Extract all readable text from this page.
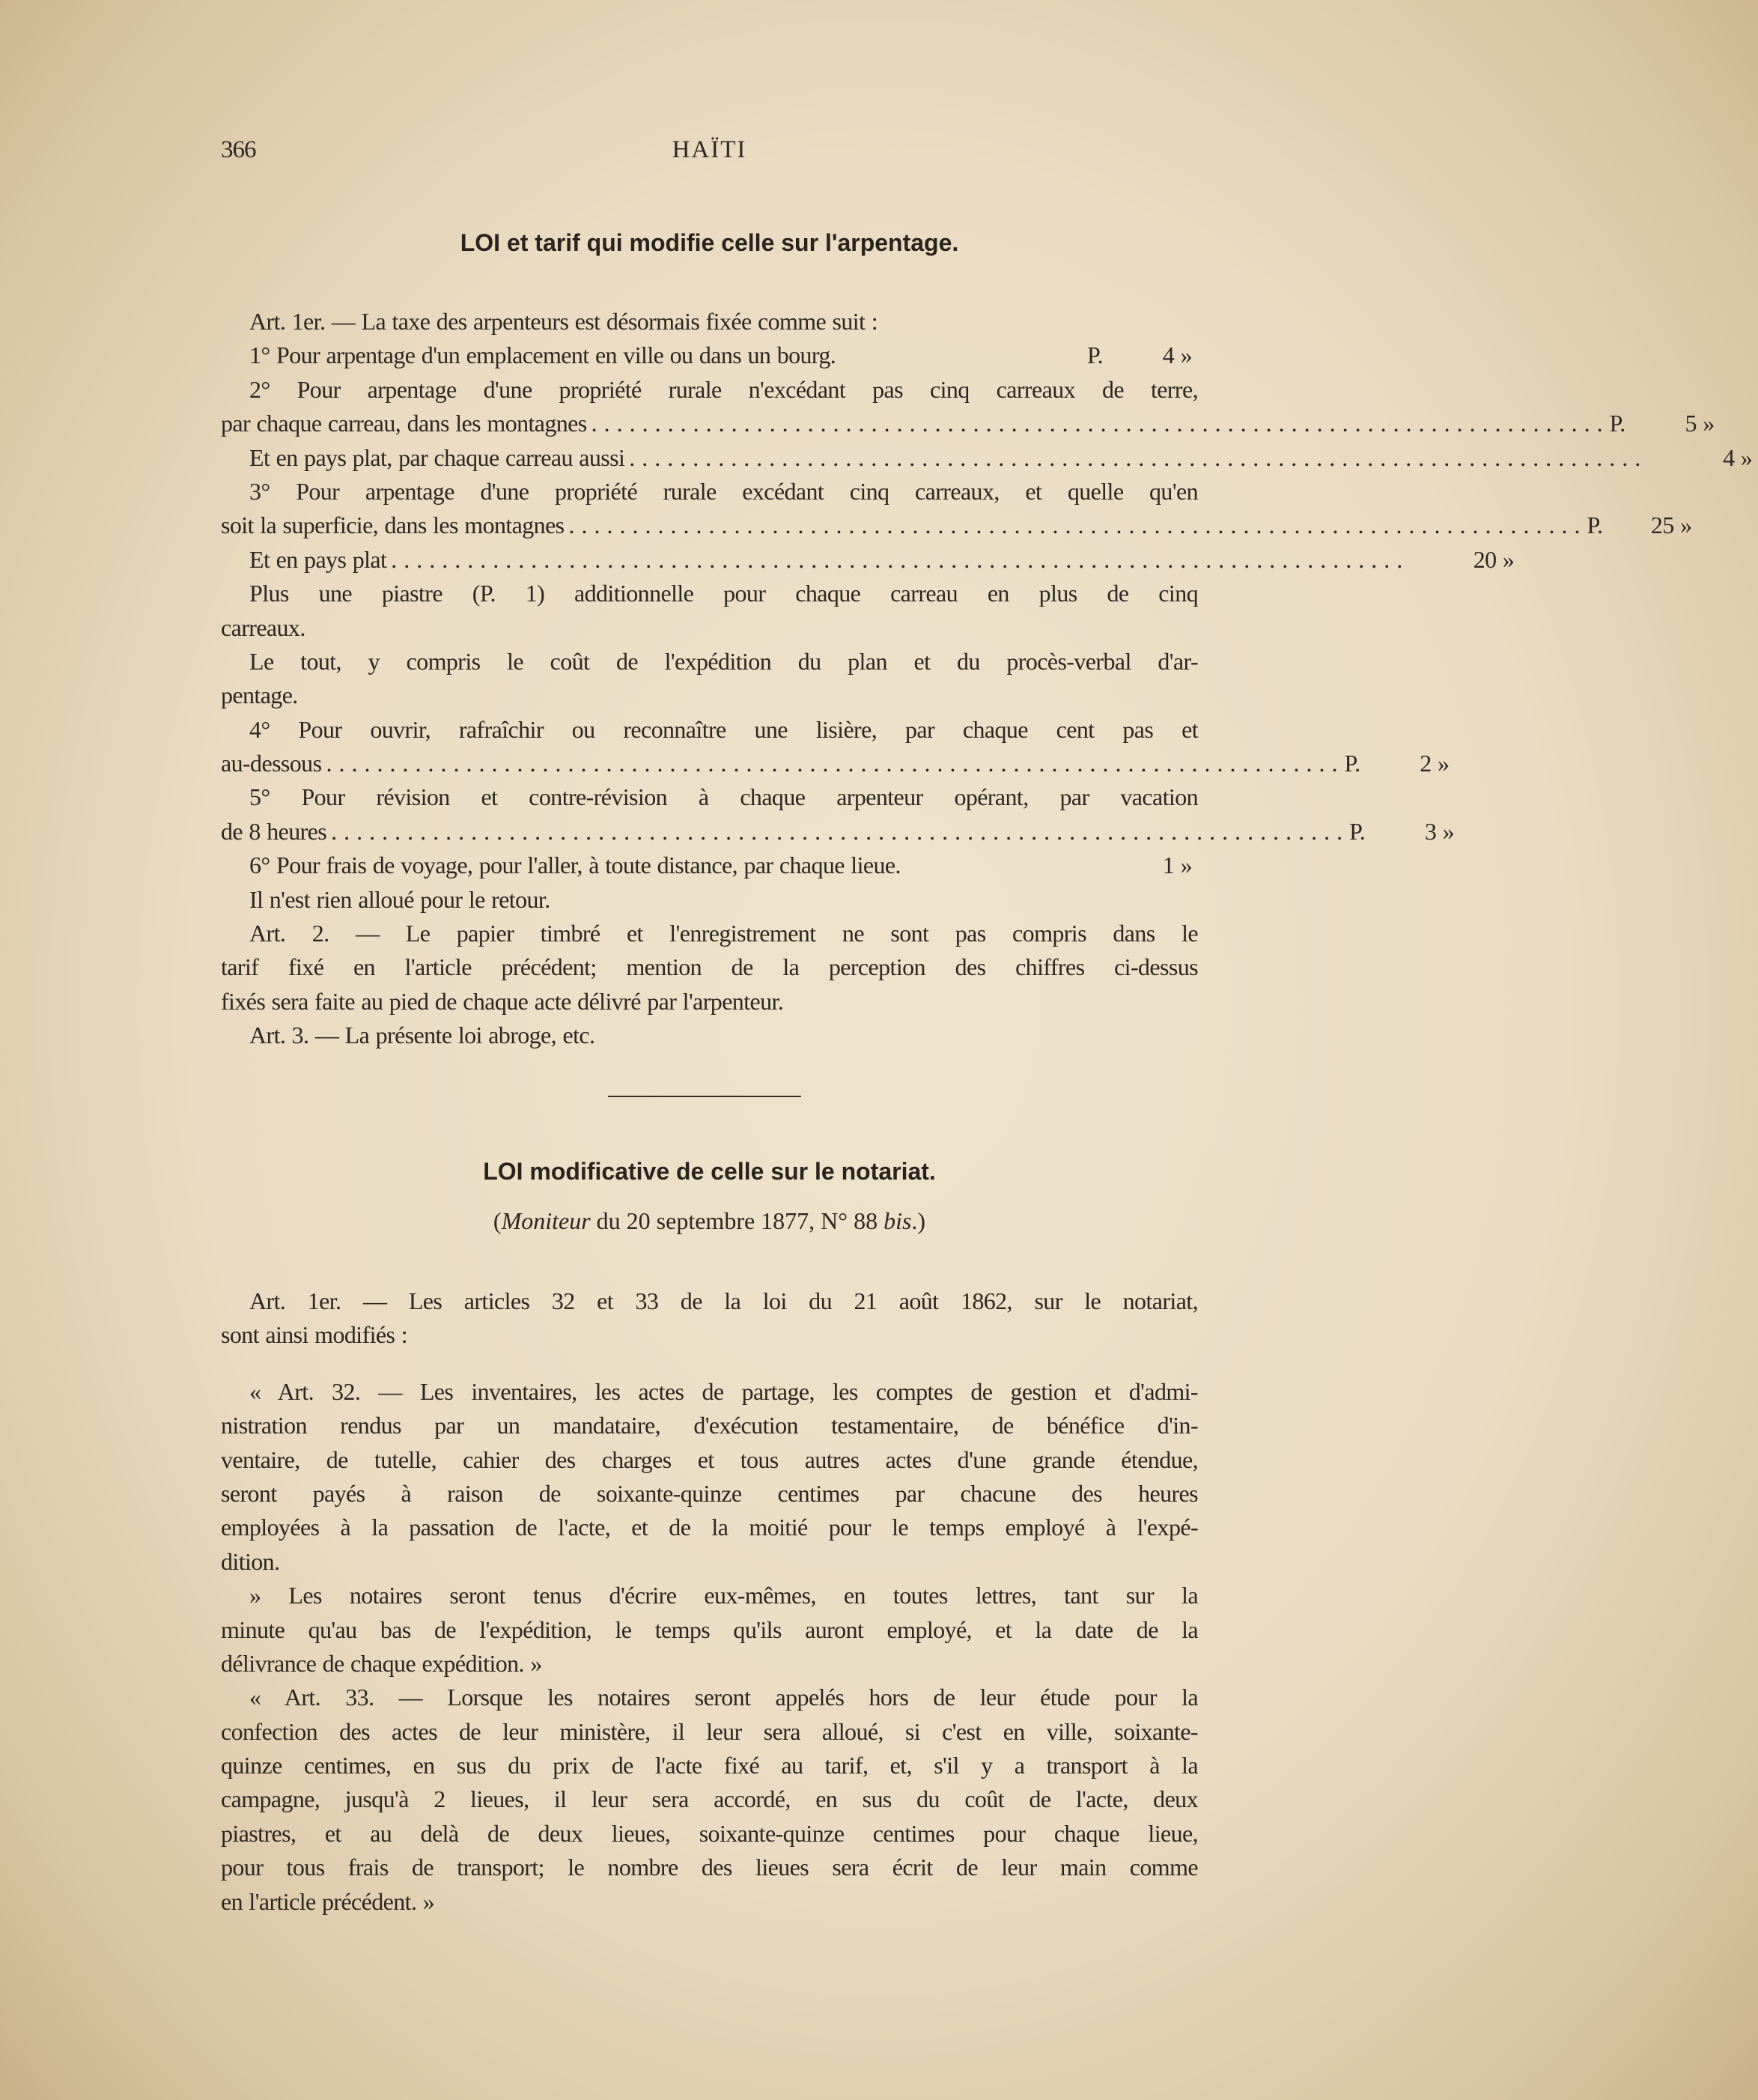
366	HAÏTI
LOI et tarif qui modifie celle sur l'arpentage.
Art. 1er. — La taxe des arpenteurs est désormais fixée comme suit :
1° Pour arpentage d'un emplacement en ville ou dans un bourg.	P.	4 »
2° Pour arpentage d'une propriété rurale n'excédant pas cinq carreaux de terre,
par chaque carreau, dans les montagnes ................................................................................ P.	5 »
Et en pays plat, par chaque carreau aussi ................................................................................	4 »
3° Pour arpentage d'une propriété rurale excédant cinq carreaux, et quelle qu'en
soit la superficie, dans les montagnes ................................................................................ P.	25 »
Et en pays plat ................................................................................	20 »
Plus une piastre (P. 1) additionnelle pour chaque carreau en plus de cinq
carreaux.
Le tout, y compris le coût de l'expédition du plan et du procès-verbal d'ar-
pentage.
4° Pour ouvrir, rafraîchir ou reconnaître une lisière, par chaque cent pas et
au-dessous ................................................................................ P.	2 »
5° Pour révision et contre-révision à chaque arpenteur opérant, par vacation
de 8 heures ................................................................................ P.	3 »
6° Pour frais de voyage, pour l'aller, à toute distance, par chaque lieue.	1 »
Il n'est rien alloué pour le retour.
Art. 2. — Le papier timbré et l'enregistrement ne sont pas compris dans le
tarif fixé en l'article précédent; mention de la perception des chiffres ci-dessus
fixés sera faite au pied de chaque acte délivré par l'arpenteur.
Art. 3. — La présente loi abroge, etc.
LOI modificative de celle sur le notariat.
(Moniteur du 20 septembre 1877, N° 88 bis.)
Art. 1er. — Les articles 32 et 33 de la loi du 21 août 1862, sur le notariat,
sont ainsi modifiés :
« Art. 32. — Les inventaires, les actes de partage, les comptes de gestion et d'admi-
nistration rendus par un mandataire, d'exécution testamentaire, de bénéfice d'in-
ventaire, de tutelle, cahier des charges et tous autres actes d'une grande étendue,
seront payés à raison de soixante-quinze centimes par chacune des heures
employées à la passation de l'acte, et de la moitié pour le temps employé à l'expé-
dition.
» Les notaires seront tenus d'écrire eux-mêmes, en toutes lettres, tant sur la
minute qu'au bas de l'expédition, le temps qu'ils auront employé, et la date de la
délivrance de chaque expédition. »
« Art. 33. — Lorsque les notaires seront appelés hors de leur étude pour la
confection des actes de leur ministère, il leur sera alloué, si c'est en ville, soixante-
quinze centimes, en sus du prix de l'acte fixé au tarif, et, s'il y a transport à la
campagne, jusqu'à 2 lieues, il leur sera accordé, en sus du coût de l'acte, deux
piastres, et au delà de deux lieues, soixante-quinze centimes pour chaque lieue,
pour tous frais de transport; le nombre des lieues sera écrit de leur main comme
en l'article précédent. »
